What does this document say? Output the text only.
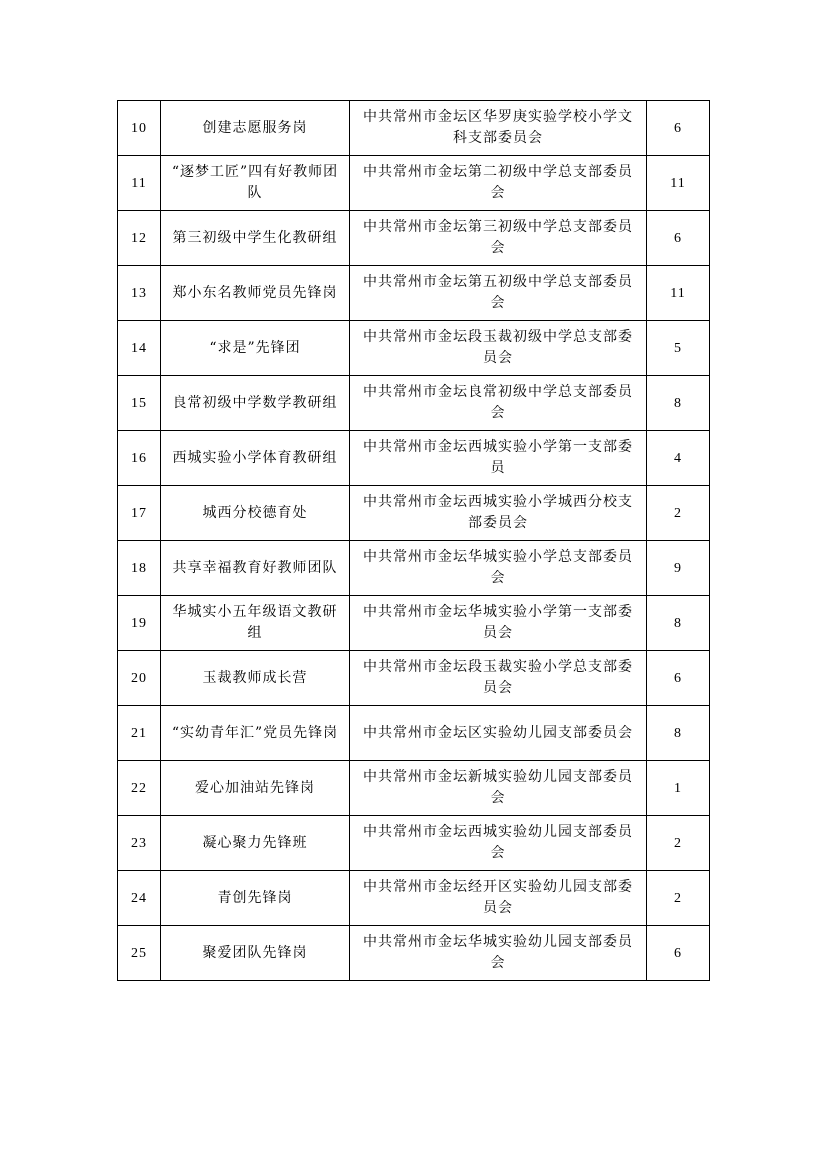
10	创建志愿服务岗	中共常州市金坛区华罗庚实验学校小学文科支部委员会	6
11	“逐梦工匠”四有好教师团队	中共常州市金坛第二初级中学总支部委员会	11
12	第三初级中学生化教研组	中共常州市金坛第三初级中学总支部委员会	6
13	郑小东名教师党员先锋岗	中共常州市金坛第五初级中学总支部委员会	11
14	“求是”先锋团	中共常州市金坛段玉裁初级中学总支部委员会	5
15	良常初级中学数学教研组	中共常州市金坛良常初级中学总支部委员会	8
16	西城实验小学体育教研组	中共常州市金坛西城实验小学第一支部委员	4
17	城西分校德育处	中共常州市金坛西城实验小学城西分校支部委员会	2
18	共享幸福教育好教师团队	中共常州市金坛华城实验小学总支部委员会	9
19	华城实小五年级语文教研组	中共常州市金坛华城实验小学第一支部委员会	8
20	玉裁教师成长营	中共常州市金坛段玉裁实验小学总支部委员会	6
21	“实幼青年汇”党员先锋岗	中共常州市金坛区实验幼儿园支部委员会	8
22	爱心加油站先锋岗	中共常州市金坛新城实验幼儿园支部委员会	1
23	凝心聚力先锋班	中共常州市金坛西城实验幼儿园支部委员会	2
24	青创先锋岗	中共常州市金坛经开区实验幼儿园支部委员会	2
25	聚爱团队先锋岗	中共常州市金坛华城实验幼儿园支部委员会	6
